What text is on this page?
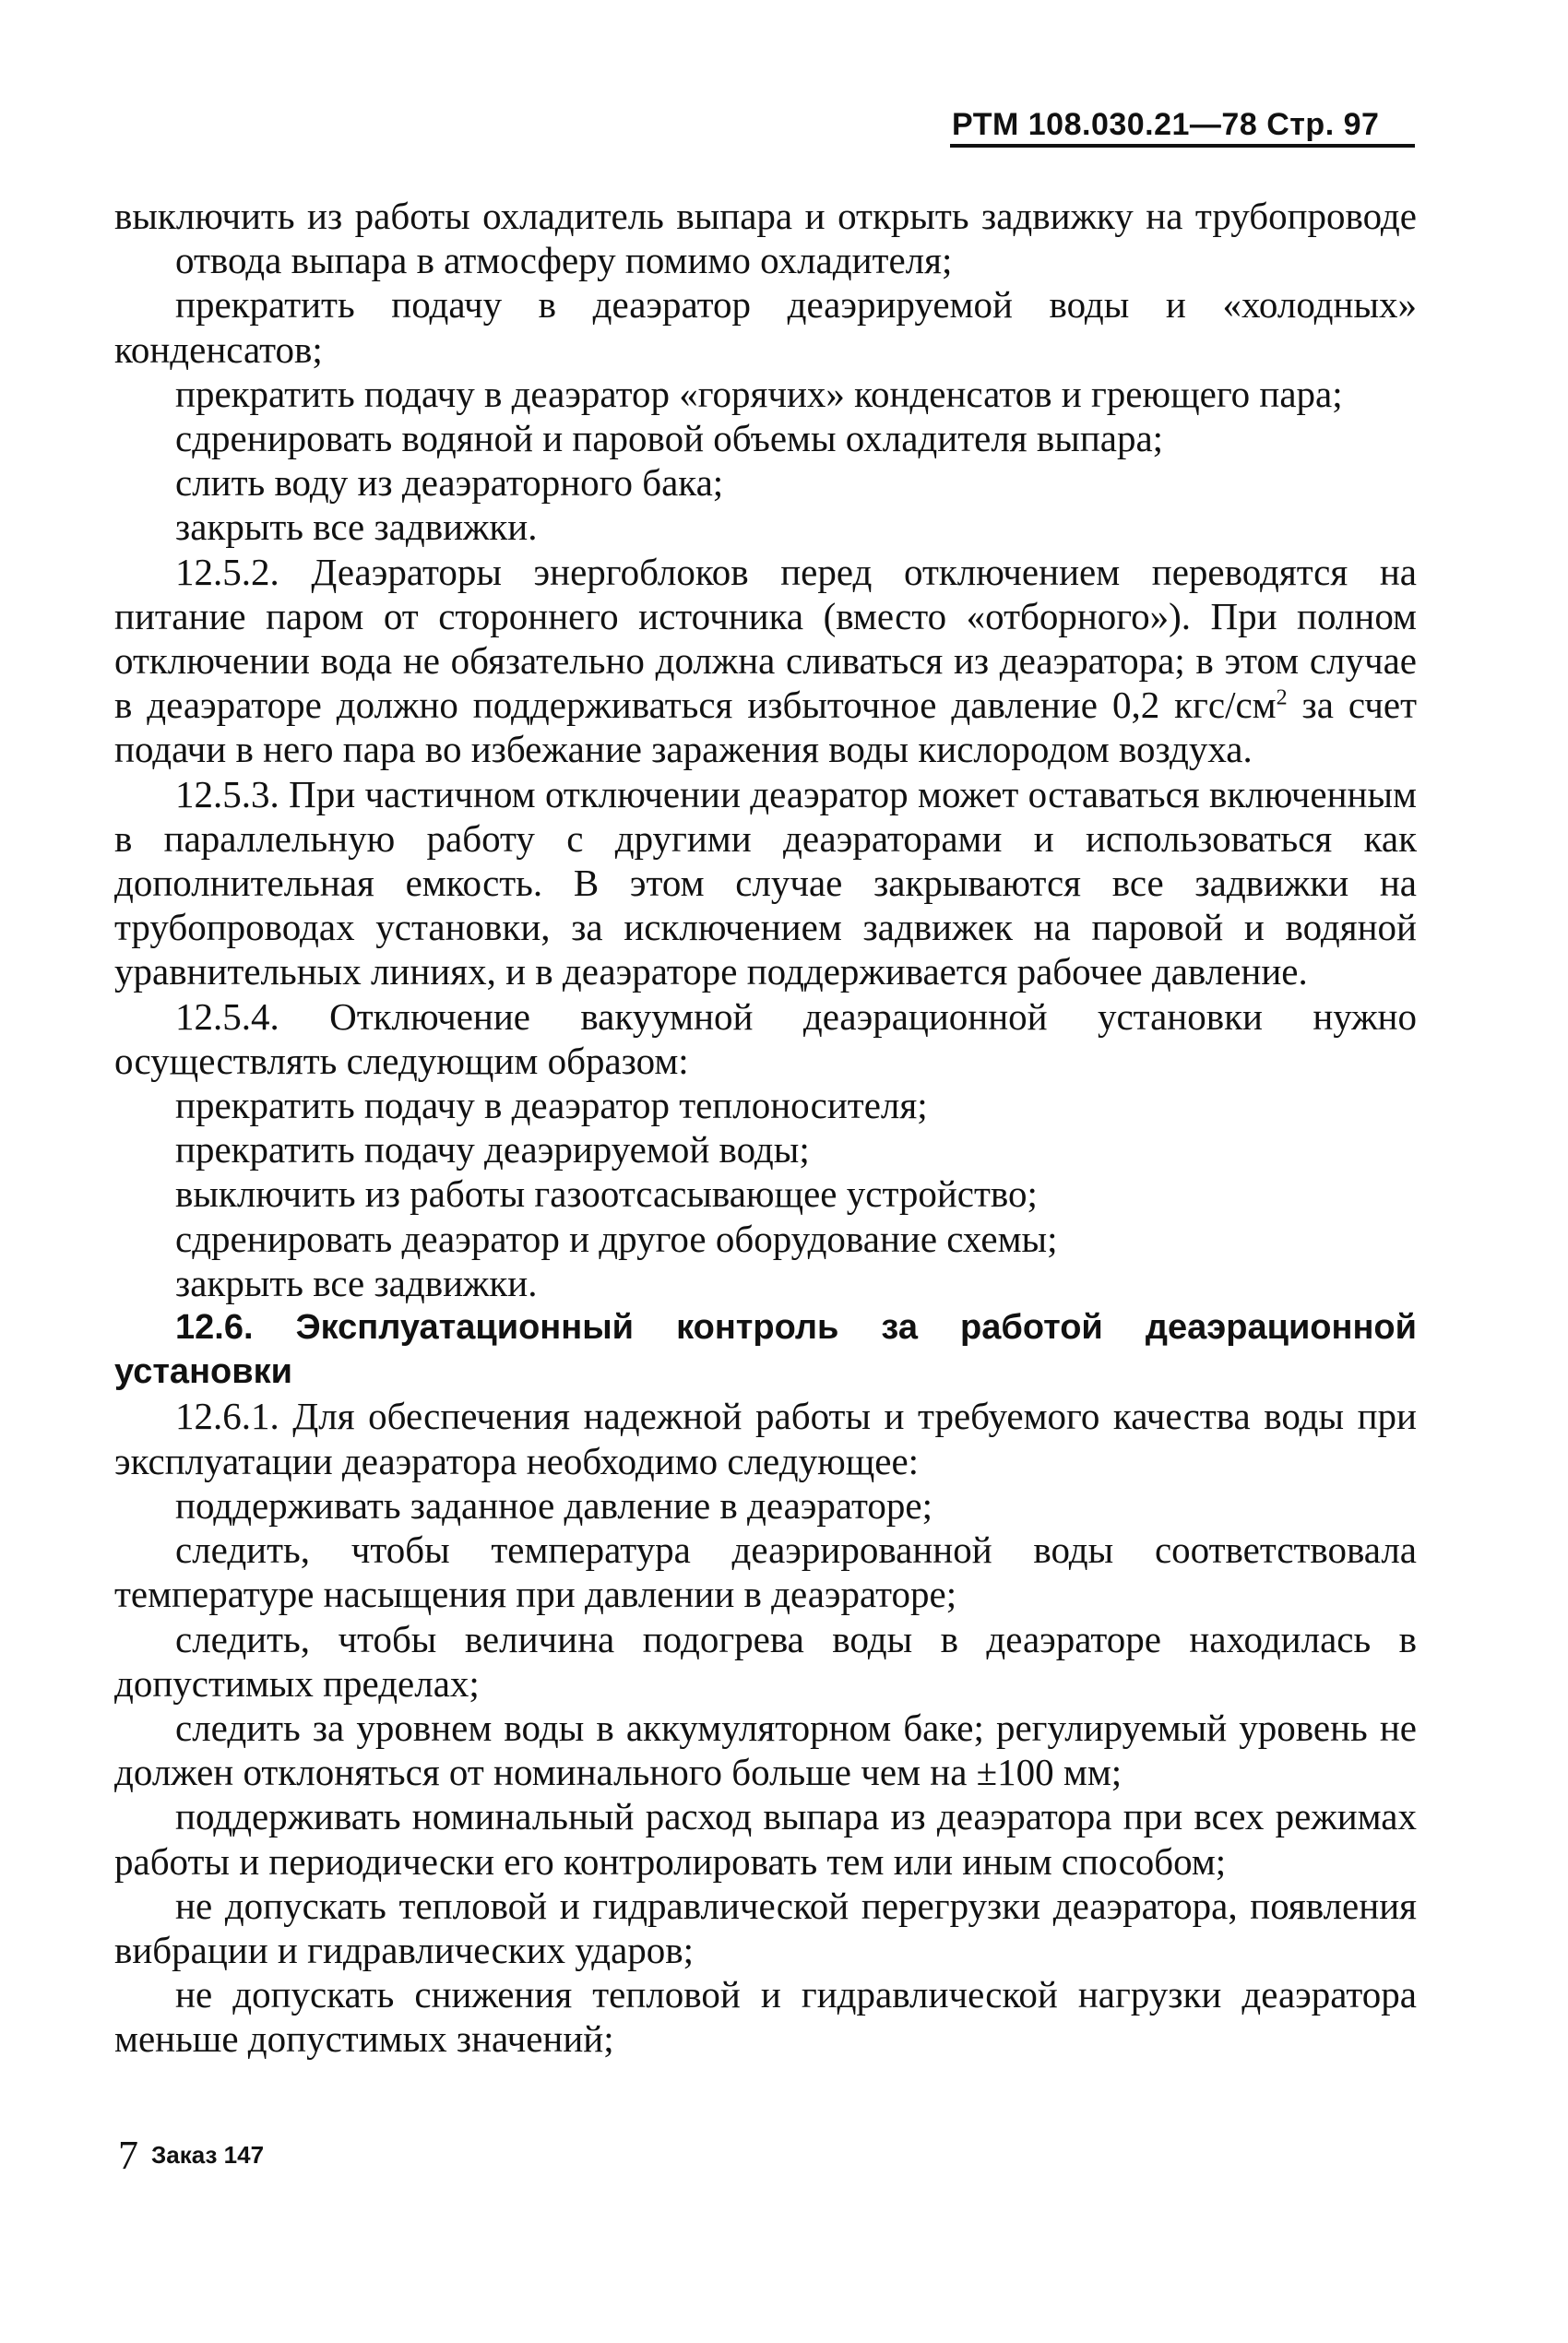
РТМ 108.030.21—78 Стр. 97

выключить из работы охладитель выпара и открыть задвижку на трубопроводе отвода выпара в атмосферу помимо охладителя;

прекратить подачу в деаэратор деаэрируемой воды и «холодных» конденсатов;

прекратить подачу в деаэратор «горячих» конденсатов и греющего пара;

сдренировать водяной и паровой объемы охладителя выпара;

слить воду из деаэраторного бака;

закрыть все задвижки.

12.5.2. Деаэраторы энергоблоков перед отключением переводятся на питание паром от стороннего источника (вместо «отборного»). При полном отключении вода не обязательно должна сливаться из деаэратора; в этом случае в деаэраторе должно поддерживаться избыточное давление 0,2 кгс/$см^2$ за счет подачи в него пара во избежание заражения воды кислородом воздуха.

12.5.3. При частичном отключении деаэратор может оставаться включенным в параллельную работу с другими деаэраторами и использоваться как дополнительная емкость. В этом случае закрываются все задвижки на трубопроводах установки, за исключением задвижек на паровой и водяной уравнительных линиях, и в деаэраторе поддерживается рабочее давление.

12.5.4. Отключение вакуумной деаэрационной установки нужно осуществлять следующим образом:

прекратить подачу в деаэратор теплоносителя;

прекратить подачу деаэрируемой воды;

выключить из работы газоотсасывающее устройство;

сдренировать деаэратор и другое оборудование схемы;

закрыть все задвижки.

12.6. Эксплуатационный контроль за работой деаэрационной установки

12.6.1. Для обеспечения надежной работы и требуемого качества воды при эксплуатации деаэратора необходимо следующее:

поддерживать заданное давление в деаэраторе;

следить, чтобы температура деаэрированной воды соответствовала температуре насыщения при давлении в деаэраторе;

следить, чтобы величина подогрева воды в деаэраторе находилась в допустимых пределах;

следить за уровнем воды в аккумуляторном баке; регулируемый уровень не должен отклоняться от номинального больше чем на ±100 мм;

поддерживать номинальный расход выпара из деаэратора при всех режимах работы и периодически его контролировать тем или иным способом;

не допускать тепловой и гидравлической перегрузки деаэратора, появления вибрации и гидравлических ударов;

не допускать снижения тепловой и гидравлической нагрузки деаэратора меньше допустимых значений;

7 Заказ 147
